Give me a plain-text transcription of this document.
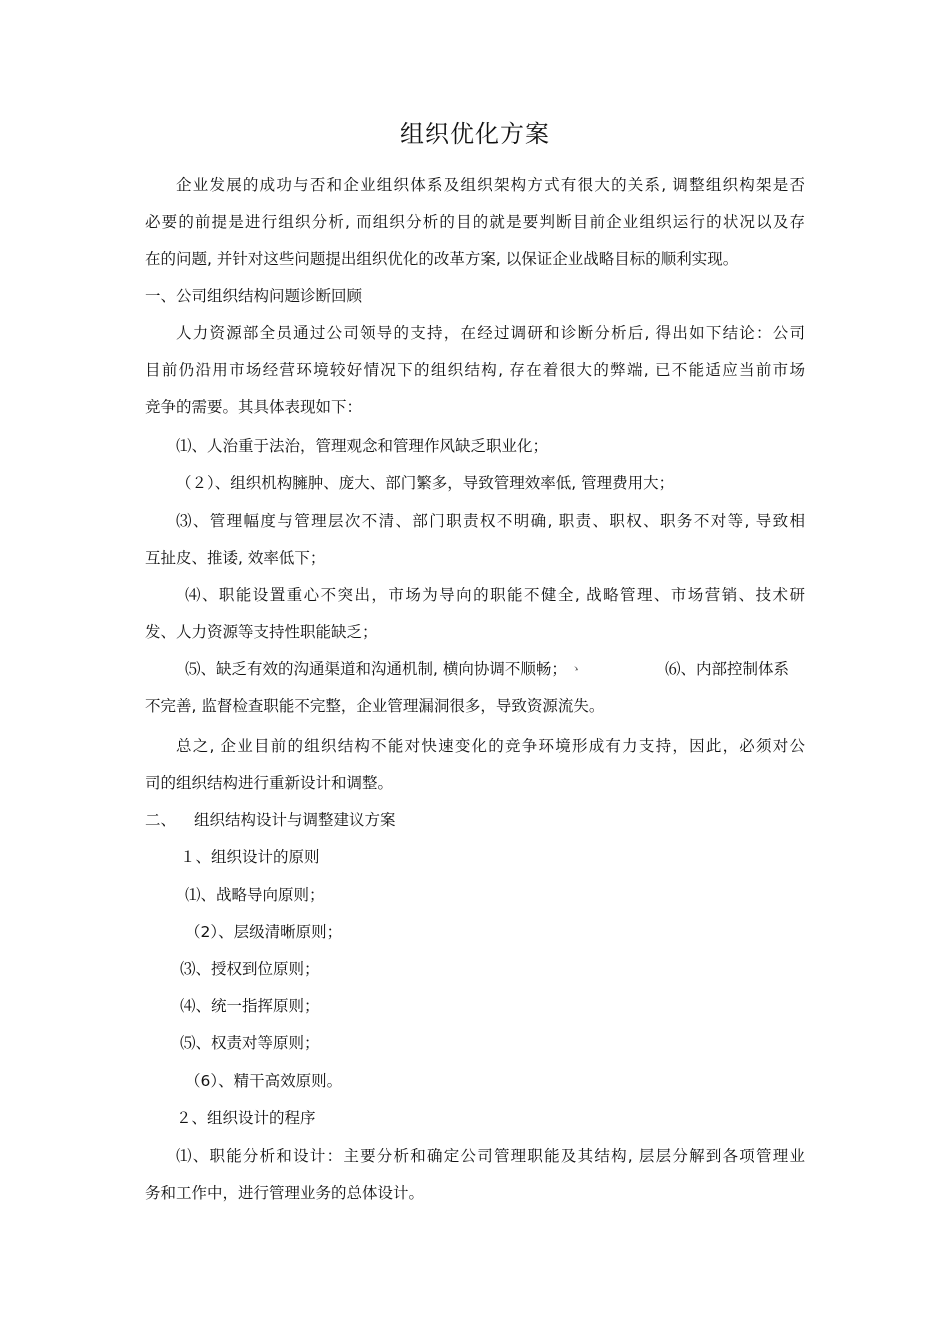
组织优化方案
企业发展的成功与否和企业组织体系及组织架构方式有很大的关系, 调整组织构架是否
必要的前提是进行组织分析, 而组织分析的目的就是要判断目前企业组织运行的状况以及存
在的问题, 并针对这些问题提出组织优化的改革方案, 以保证企业战略目标的顺利实现。
一、公司组织结构问题诊断回顾
人力资源部全员通过公司领导的支持，在经过调研和诊断分析后, 得出如下结论：公司
目前仍沿用市场经营环境较好情况下的组织结构, 存在着很大的弊端, 已不能适应当前市场
竞争的需要。其具体表现如下：
⑴、人治重于法治，管理观念和管理作风缺乏职业化；
（２）、组织机构臃肿、庞大、部门繁多，导致管理效率低, 管理费用大；
⑶、管理幅度与管理层次不清、部门职责权不明确, 职责、职权、职务不对等, 导致相
互扯皮、推诿, 效率低下；
⑷、职能设置重心不突出，市场为导向的职能不健全, 战略管理、市场营销、技术研
发、人力资源等支持性职能缺乏；
⑸、缺乏有效的沟通渠道和沟通机制, 横向协调不顺畅； ゝ	⑹、内部控制体系
不完善, 监督检查职能不完整，企业管理漏洞很多，导致资源流失。
总之, 企业目前的组织结构不能对快速变化的竞争环境形成有力支持，因此，必须对公
司的组织结构进行重新设计和调整。
二、 组织结构设计与调整建议方案
１、组织设计的原则
⑴、战略导向原则；
（2）、层级清晰原则；
⑶、授权到位原则；
⑷、统一指挥原则；
⑸、权责对等原则；
（6）、精干高效原则。
２、组织设计的程序
⑴、职能分析和设计：主要分析和确定公司管理职能及其结构, 层层分解到各项管理业
务和工作中，进行管理业务的总体设计。
